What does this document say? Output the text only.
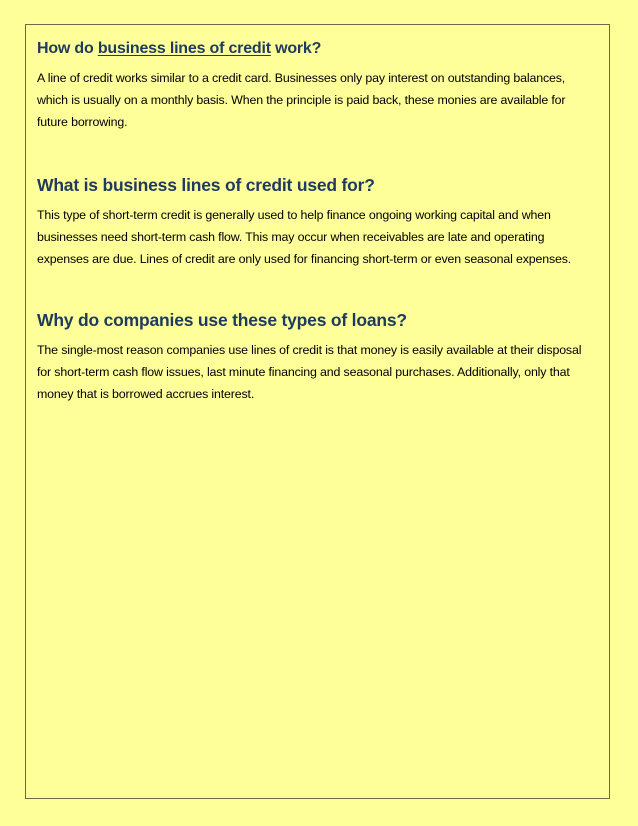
How do business lines of credit work?

A line of credit works similar to a credit card. Businesses only pay interest on outstanding balances, which is usually on a monthly basis. When the principle is paid back, these monies are available for future borrowing.

What is business lines of credit used for?

This type of short-term credit is generally used to help finance ongoing working capital and when businesses need short-term cash flow. This may occur when receivables are late and operating expenses are due. Lines of credit are only used for financing short-term or even seasonal expenses.

Why do companies use these types of loans?

The single-most reason companies use lines of credit is that money is easily available at their disposal for short-term cash flow issues, last minute financing and seasonal purchases. Additionally, only that money that is borrowed accrues interest.
